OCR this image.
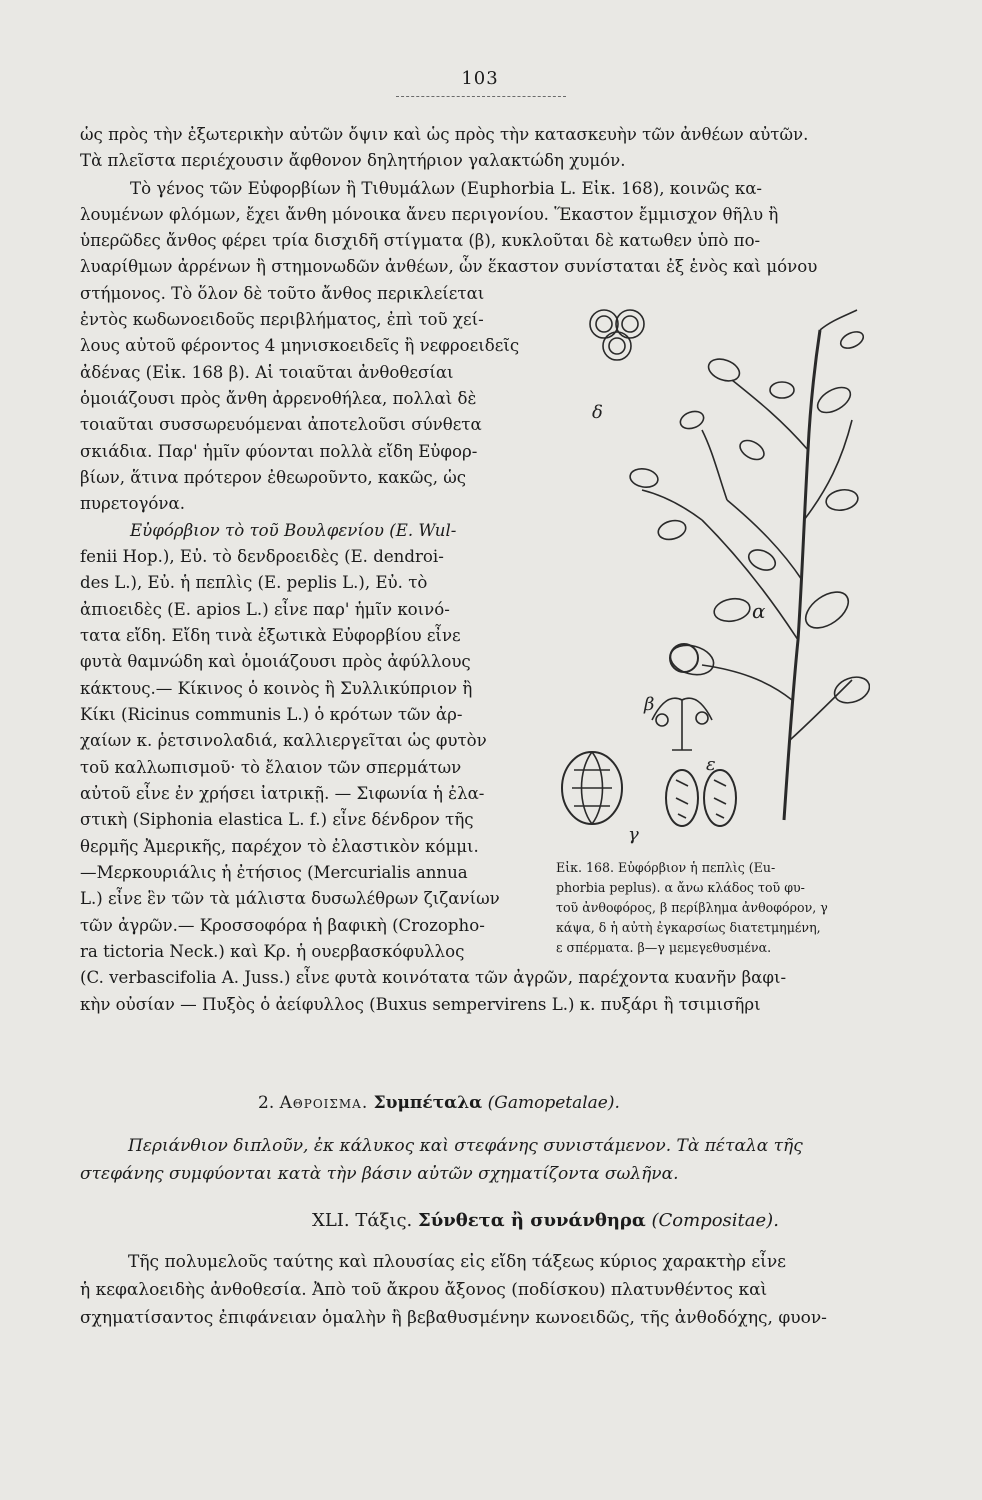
103
ὡς πρὸς τὴν ἐξωτερικὴν αὐτῶν ὄψιν καὶ ὡς πρὸς τὴν κατασκευὴν τῶν ἀνθέων αὐτῶν.
Τὰ πλεῖστα περιέχουσιν ἄφθονον δηλητήριον γαλακτώδη χυμόν.
Τὸ γένος τῶν Εὐφορβίων ἢ Τιθυμάλων (Euphorbia L. Εἰκ. 168), κοινῶς κα-
λουμένων φλόμων, ἔχει ἄνθη μόνοικα ἄνευ περιγονίου. Ἕκαστον ἔμμισχον θῆλυ ἢ
ὑπερῶδες ἄνθος φέρει τρία δισχιδῆ στίγματα (β), κυκλοῦται δὲ κατωθεν ὑπὸ πο-
λυαρίθμων ἀρρένων ἢ στημονωδῶν ἀνθέων, ὧν ἕκαστον συνίσταται ἐξ ἑνὸς καὶ μόνου
στήμονος. Τὸ ὅλον δὲ τοῦτο ἄνθος περικλείεται
ἐντὸς κωδωνοειδοῦς περιβλήματος, ἐπὶ τοῦ χεί-
λους αὐτοῦ φέροντος 4 μηνισκοειδεῖς ἢ νεφροειδεῖς
ἀδένας (Εἰκ. 168 β). Αἱ τοιαῦται ἀνθοθεσίαι
ὁμοιάζουσι πρὸς ἄνθη ἀρρενοθήλεα, πολλαὶ δὲ
τοιαῦται συσσωρευόμεναι ἀποτελοῦσι σύνθετα
σκιάδια. Παρ' ἡμῖν φύονται πολλὰ εἴδη Εὐφορ-
βίων, ἅτινα πρότερον ἐθεωροῦντο, κακῶς, ὡς
πυρετογόνα.
Εὐφόρβιον τὸ τοῦ Βουλφενίου (E. Wul-
fenii Hop.), Εὐ. τὸ δενδροειδὲς (E. dendroi-
des L.), Εὐ. ἡ πεπλὶς (E. peplis L.), Εὐ. τὸ
ἀπιοειδὲς (E. apios L.) εἶνε παρ' ἡμῖν κοινό-
τατα εἴδη. Εἴδη τινὰ ἐξωτικὰ Εὐφορβίου εἶνε
φυτὰ θαμνώδη καὶ ὁμοιάζουσι πρὸς ἀφύλλους
κάκτους.— Κίκινος ὁ κοινὸς ἢ Συλλικύπριον ἢ
Κίκι (Ricinus communis L.) ὁ κρότων τῶν ἀρ-
χαίων κ. ῥετσινολαδιά, καλλιεργεῖται ὡς φυτὸν
τοῦ καλλωπισμοῦ· τὸ ἔλαιον τῶν σπερμάτων
αὐτοῦ εἶνε ἐν χρήσει ἰατρικῇ. — Σιφωνία ἡ ἐλα-
στικὴ (Siphonia elastica L. f.) εἶνε δένδρον τῆς
θερμῆς Ἀμερικῆς, παρέχον τὸ ἐλαστικὸν κόμμι.
—Μερκουριάλις ἡ ἐτήσιος (Mercurialis annua
L.) εἶνε ἓν τῶν τὰ μάλιστα δυσωλέθρων ζιζανίων
τῶν ἀγρῶν.— Κροσσοφόρα ἡ βαφικὴ (Crozopho-
ra tictoria Neck.) καὶ Κρ. ἡ ουερβασκόφυλλος
(C. verbascifolia A. Juss.) εἶνε φυτὰ κοινότατα τῶν ἀγρῶν, παρέχοντα κυανῆν βαφι-
κὴν οὐσίαν — Πυξὸς ὁ ἀείφυλλος (Buxus sempervirens L.) κ. πυξάρι ἢ τσιμισῆρι
δ
α
β
ε
γ
Εἰκ. 168. Εὐφόρβιον ἡ πεπλὶς (Eu-
phorbia peplus). α ἄνω κλάδος τοῦ φυ-
τοῦ ἀνθοφόρος, β περίβλημα ἀνθοφόρον, γ
κάψα, δ ἡ αὐτὴ ἐγκαρσίως διατετμημένη,
ε σπέρματα. β—γ μεμεγεθυσμένα.
2. Αθροισμα. Συμπέταλα (Gamopetalae).
Περιάνθιον διπλοῦν, ἐκ κάλυκος καὶ στεφάνης συνιστάμενον. Τὰ πέταλα τῆς
στεφάνης συμφύονται κατὰ τὴν βάσιν αὐτῶν σχηματίζοντα σωλῆνα.
XLI. Τάξις. Σύνθετα ἢ συνάνθηρα (Compositae).
Τῆς πολυμελοῦς ταύτης καὶ πλουσίας εἰς εἴδη τάξεως κύριος χαρακτὴρ εἶνε
ἡ κεφαλοειδὴς ἀνθοθεσία. Ἀπὸ τοῦ ἄκρου ἄξονος (ποδίσκου) πλατυνθέντος καὶ
σχηματίσαντος ἐπιφάνειαν ὁμαλὴν ἢ βεβαθυσμένην κωνοειδῶς, τῆς ἀνθοδόχης, φυον-
